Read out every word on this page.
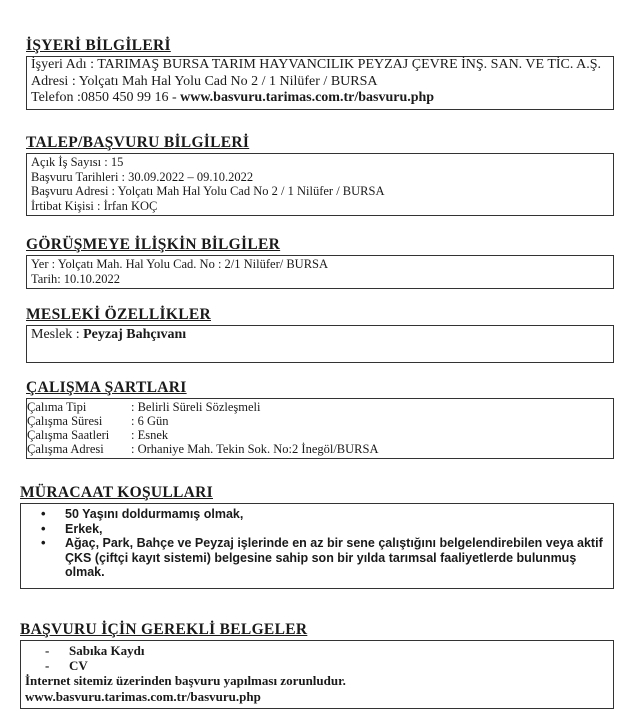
İŞYERİ BİLGİLERİ
İşyeri Adı : TARIMAŞ BURSA TARIM HAYVANCILIK PEYZAJ ÇEVRE İNŞ. SAN. VE TİC. A.Ş.
Adresi : Yolçatı Mah Hal Yolu Cad No 2 / 1 Nilüfer / BURSA
Telefon :0850 450 99 16 - www.basvuru.tarimas.com.tr/basvuru.php
TALEP/BAŞVURU BİLGİLERİ
Açık İş Sayısı : 15
Başvuru Tarihleri : 30.09.2022 – 09.10.2022
Başvuru Adresi : Yolçatı Mah Hal Yolu Cad No 2 / 1 Nilüfer / BURSA
İrtibat Kişisi : İrfan KOÇ
GÖRÜŞMEYE İLİŞKİN BİLGİLER
Yer : Yolçatı Mah. Hal Yolu Cad. No : 2/1 Nilüfer/ BURSA
Tarih: 10.10.2022
MESLEKİ ÖZELLİKLER
Meslek : Peyzaj Bahçıvanı
ÇALIŞMA ŞARTLARI
Çalıma Tipi	: Belirli Süreli Sözleşmeli
Çalışma Süresi	: 6 Gün
Çalışma Saatleri	: Esnek
Çalışma Adresi	: Orhaniye Mah. Tekin Sok. No:2 İnegöl/BURSA
MÜRACAAT KOŞULLARI
• 50 Yaşını doldurmamış olmak,
• Erkek,
• Ağaç, Park, Bahçe ve Peyzaj işlerinde en az bir sene çalıştığını belgelendirebilen veya aktif ÇKS (çiftçi kayıt sistemi) belgesine sahip son bir yılda tarımsal faaliyetlerde bulunmuş olmak.
BAŞVURU İÇİN GEREKLİ BELGELER
- Sabıka Kaydı
- CV
İnternet sitemiz üzerinden başvuru yapılması zorunludur.
www.basvuru.tarimas.com.tr/basvuru.php
